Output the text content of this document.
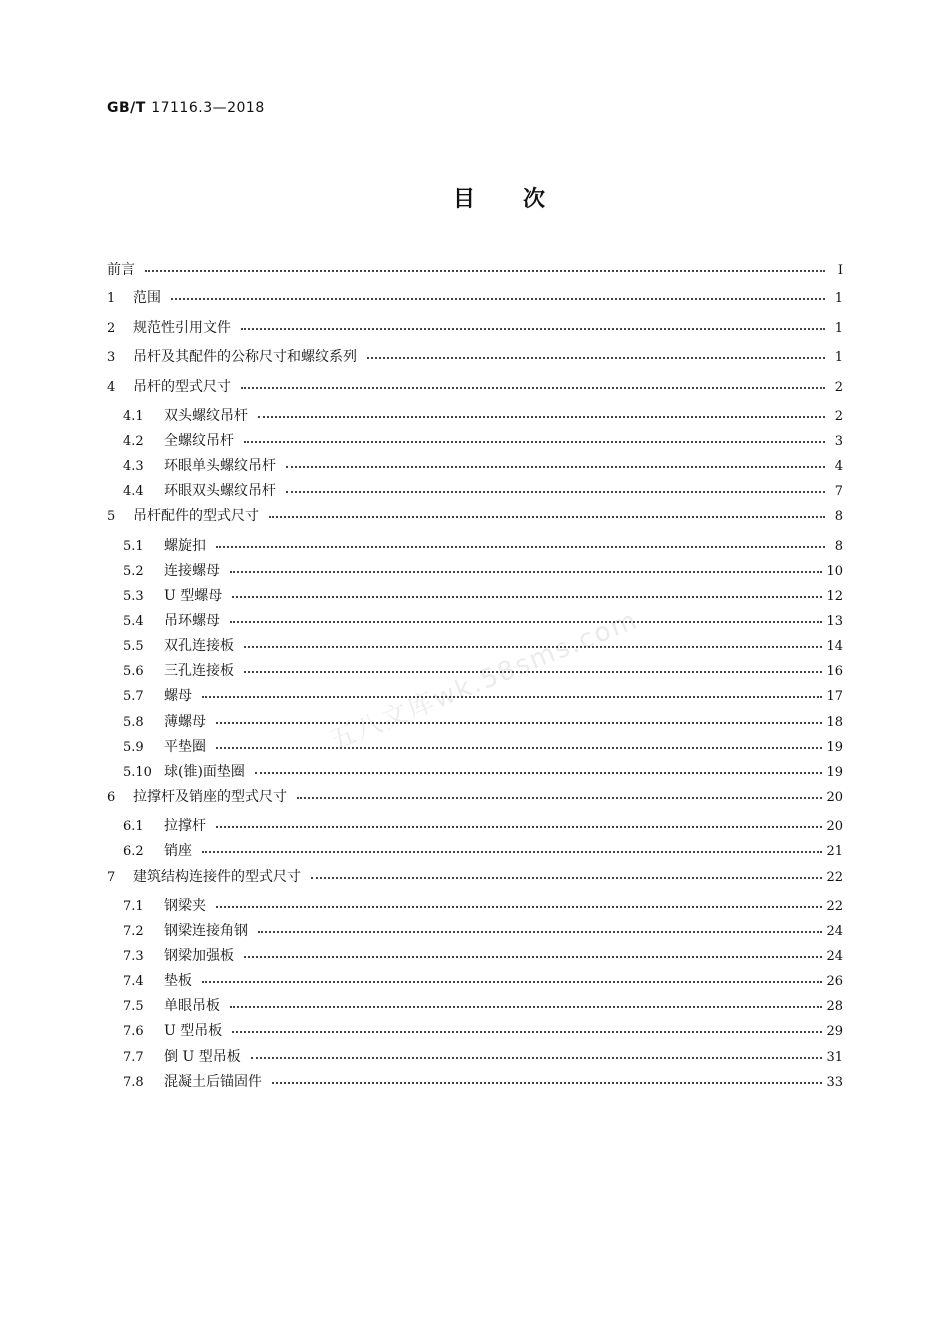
GB/T 17116.3—2018
目次
前言	Ⅰ
1	范围	1
2	规范性引用文件	1
3	吊杆及其配件的公称尺寸和螺纹系列	1
4	吊杆的型式尺寸	2
4.1	双头螺纹吊杆	2
4.2	全螺纹吊杆	3
4.3	环眼单头螺纹吊杆	4
4.4	环眼双头螺纹吊杆	7
5	吊杆配件的型式尺寸	8
5.1	螺旋扣	8
5.2	连接螺母	10
5.3	U 型螺母	12
5.4	吊环螺母	13
5.5	双孔连接板	14
5.6	三孔连接板	16
5.7	螺母	17
5.8	薄螺母	18
5.9	平垫圈	19
5.10 球(锥)面垫圈	19
6	拉撑杆及销座的型式尺寸	20
6.1	拉撑杆	20
6.2	销座	21
7	建筑结构连接件的型式尺寸	22
7.1	钢梁夹	22
7.2	钢梁连接角钢	24
7.3	钢梁加强板	24
7.4	垫板	26
7.5	单眼吊板	28
7.6	U 型吊板	29
7.7	倒 U 型吊板	31
7.8	混凝土后锚固件	33
五八文库wk.58sms.com
